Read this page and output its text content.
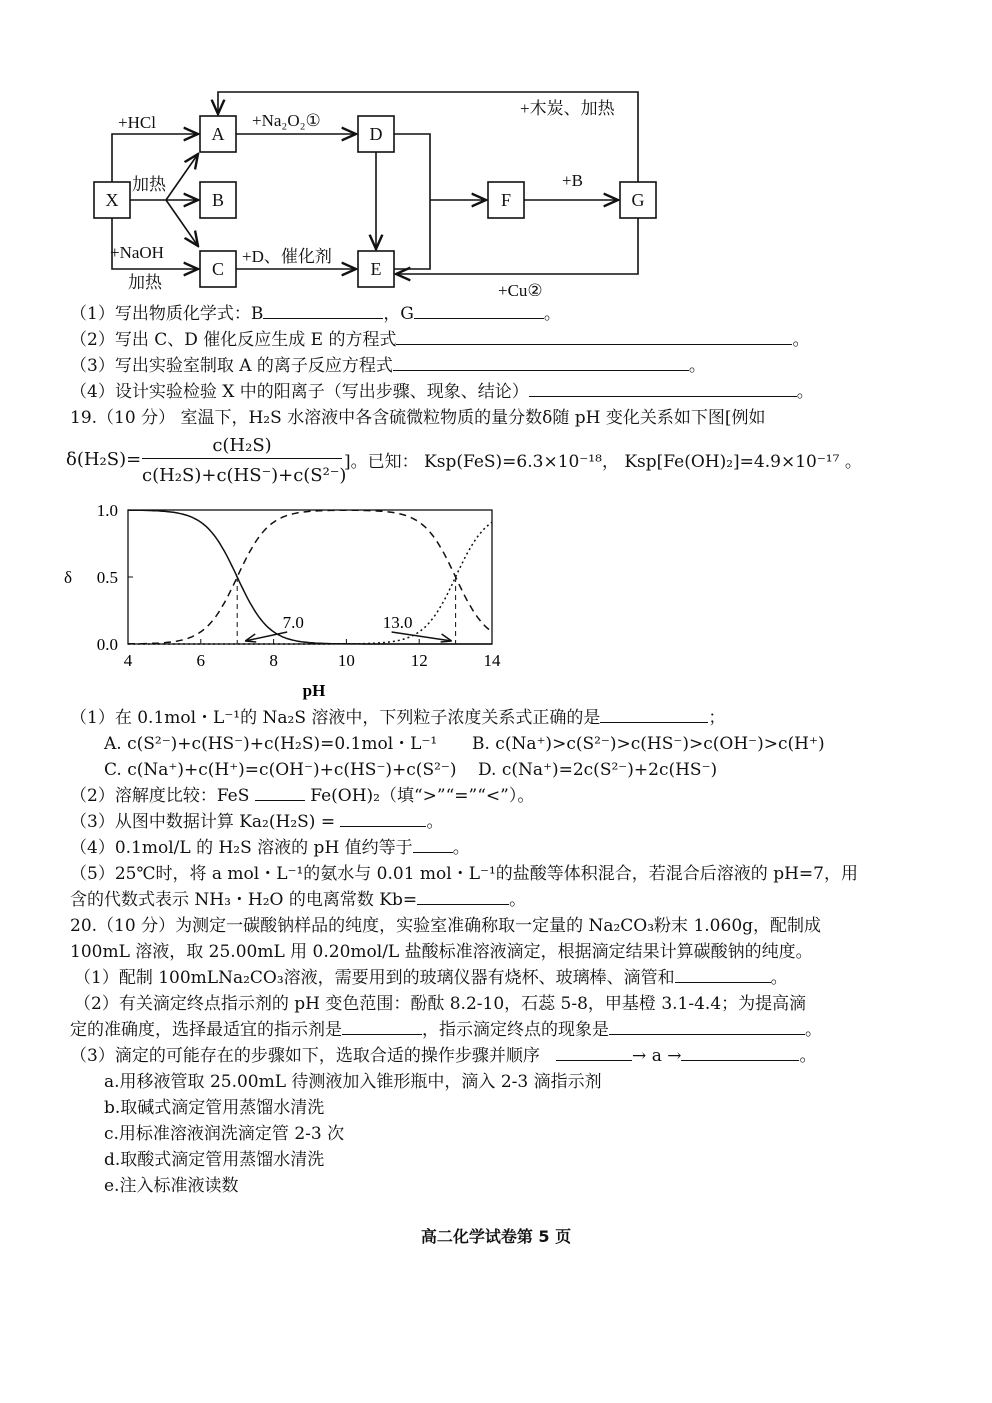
X
A
B
C
D
E
F	G
+HCl
加热
+NaOH
加热
+Na₂O₂①
+D、催化剂
+B
+木炭、加热
+Cu②
（1）写出物质化学式：B	，G	。
（2）写出 C、D 催化反应生成 E 的方程式	。
（3）写出实验室制取 A 的离子反应方程式	。
（4）设计实验检验 X 中的阳离子（写出步骤、现象、结论）	。
19.（10 分） 室温下，H₂S 水溶液中各含硫微粒物质的量分数δ随 pH 变化关系如下图[例如
δ(H₂S)=
c(H₂S)
c(H₂S)+c(HS⁻)+c(S²⁻)
]。已知： Ksp(FeS)=6.3×10⁻¹⁸， Ksp[Fe(OH)₂]=4.9×10⁻¹⁷ 。
4	6	8	10	12	14
0.0
0.5
1.0
pH
δ
7.0	13.0
（1）在 0.1mol・L⁻¹的 Na₂S 溶液中，下列粒子浓度关系式正确的是	；
A. c(S²⁻)+c(HS⁻)+c(H₂S)=0.1mol・L⁻¹ B. c(Na⁺)>c(S²⁻)>c(HS⁻)>c(OH⁻)>c(H⁺)
C. c(Na⁺)+c(H⁺)=c(OH⁻)+c(HS⁻)+c(S²⁻) D. c(Na⁺)=2c(S²⁻)+2c(HS⁻)
（2）溶解度比较：FeS	Fe(OH)₂（填“>”“=”“<”）。
（3）从图中数据计算 Ka₂(H₂S) =	。
（4）0.1mol/L 的 H₂S 溶液的 pH 值约等于 。
（5）25℃时，将 a mol・L⁻¹的氨水与 0.01 mol・L⁻¹的盐酸等体积混合，若混合后溶液的 pH=7，用
含的代数式表示 NH₃・H₂O 的电离常数 Kb=	。
20.（10 分）为测定一碳酸钠样品的纯度，实验室准确称取一定量的 Na₂CO₃粉末 1.060g，配制成
100mL 溶液，取 25.00mL 用 0.20mol/L 盐酸标准溶液滴定，根据滴定结果计算碳酸钠的纯度。
（1）配制 100mLNa₂CO₃溶液，需要用到的玻璃仪器有烧杯、玻璃棒、滴管和	。
（2）有关滴定终点指示剂的 pH 变色范围：酚酞 8.2-10，石蕊 5-8，甲基橙 3.1-4.4；为提高滴
定的准确度，选择最适宜的指示剂是	，指示滴定终点的现象是	。
（3）滴定的可能存在的步骤如下，选取合适的操作步骤并顺序	→ a →	。
a.用移液管取 25.00mL 待测液加入锥形瓶中，滴入 2-3 滴指示剂
b.取碱式滴定管用蒸馏水清洗
c.用标准溶液润洗滴定管 2-3 次
d.取酸式滴定管用蒸馏水清洗
e.注入标准液读数
高二化学试卷第 5 页
